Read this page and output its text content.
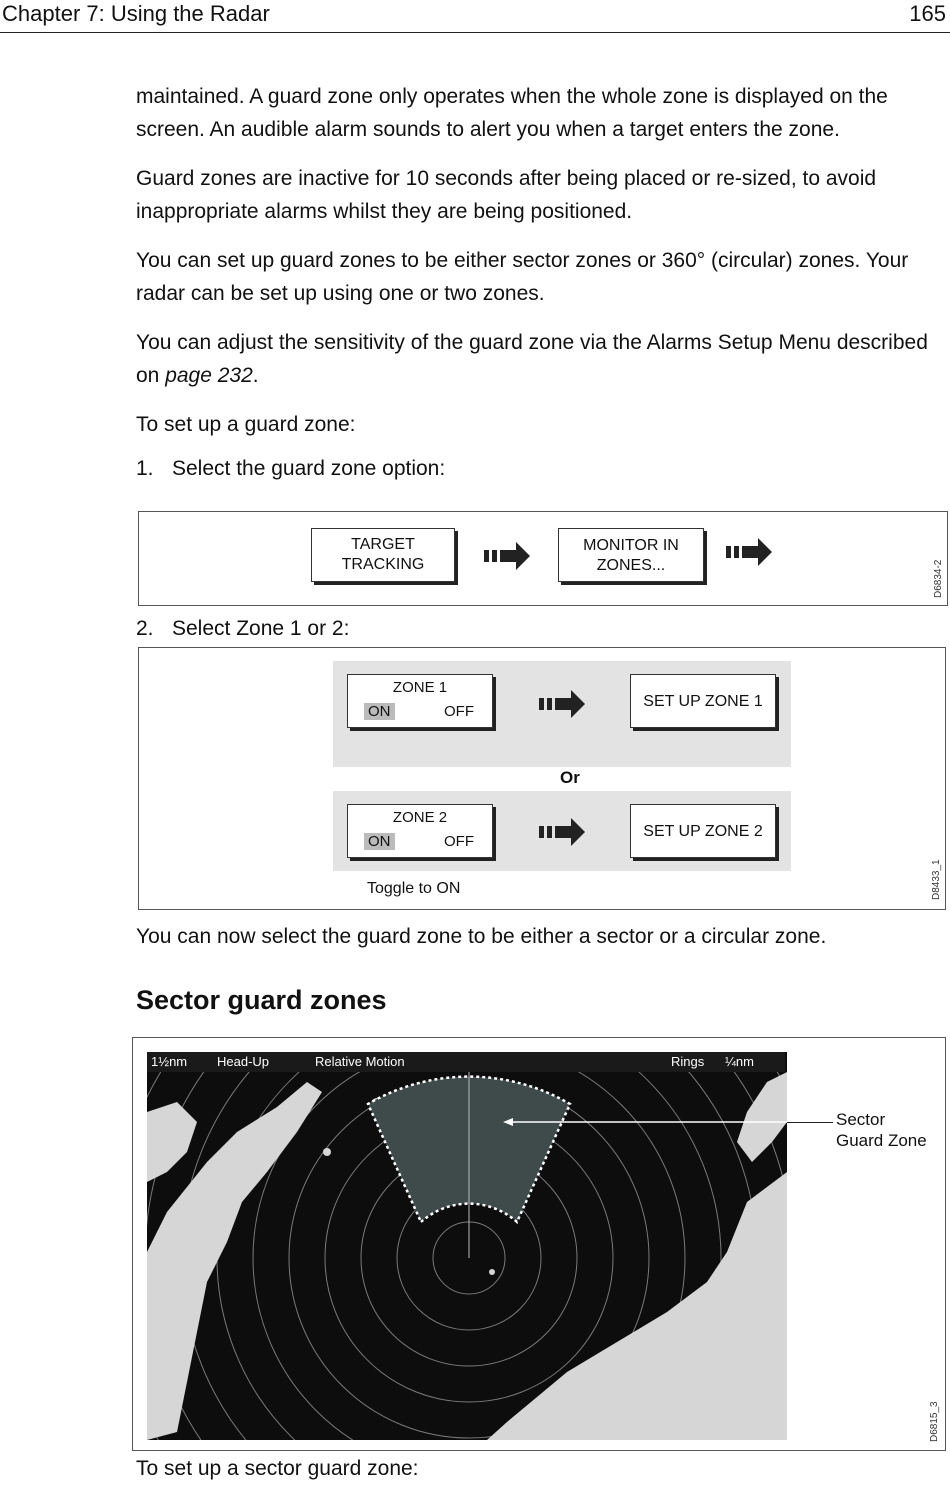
Chapter 7: Using the Radar	165

maintained. A guard zone only operates when the whole zone is displayed on the screen. An audible alarm sounds to alert you when a target enters the zone.

Guard zones are inactive for 10 seconds after being placed or re-sized, to avoid inappropriate alarms whilst they are being positioned.

You can set up guard zones to be either sector zones or 360° (circular) zones. Your radar can be set up using one or two zones.

You can adjust the sensitivity of the guard zone via the Alarms Setup Menu described on page 232.

To set up a guard zone:

1. Select the guard zone option:
TARGET
TRACKING
MONITOR IN
ZONES...	D6834-2
2. Select Zone 1 or 2:
ZONE 1
ON	OFF
SET UP ZONE 1
Or
ZONE 2
ON	OFF
SET UP ZONE 2
Toggle to ON	D8433_1

You can now select the guard zone to be either a sector or a circular zone.

Sector guard zones
1½nm Head-Up	Relative Motion	Rings ¼nm
Sector
Guard Zone
D6815_3

To set up a sector guard zone:
